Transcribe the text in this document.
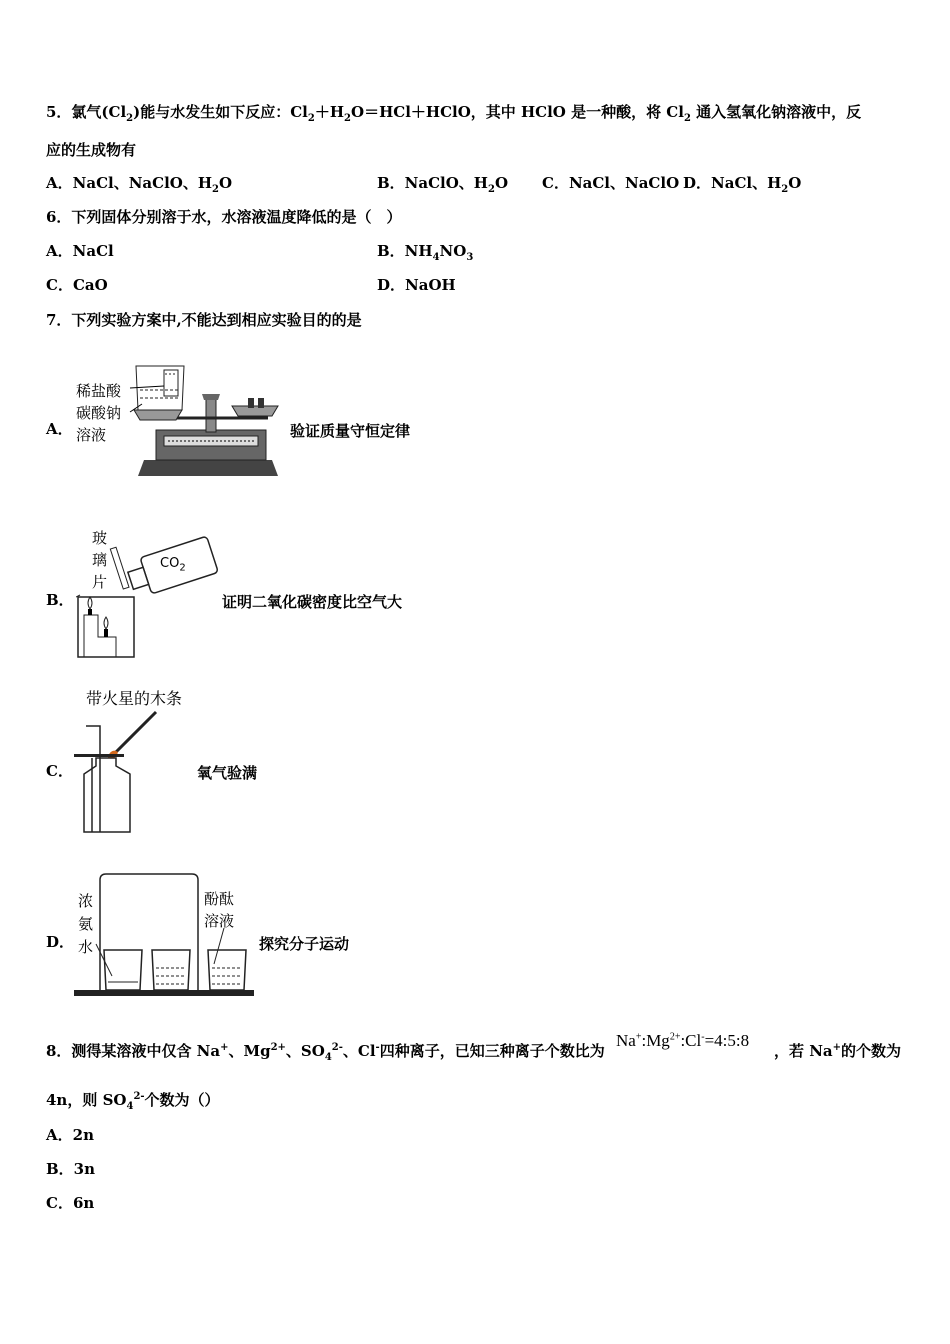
5．氯气$(Cl_2)$能与水发生如下反应：$Cl_2+H_2O=HCl+HClO$，其中 HClO 是一种酸，将 $Cl_2$ 通入氢氧化钠溶液中，反
应的生成物有
A．NaCl、NaClO、$H_2O$	B．NaClO、$H_2O$ C．NaCl、NaClO D．NaCl、$H_2O$
6．下列固体分别溶于水，水溶液温度降低的是（　）
A．NaCl	B．$NH_4NO_3$
C．CaO	D．NaOH
7．下列实验方案中,不能达到相应实验目的的是
A．
稀盐酸
碳酸钠
溶液	验证质量守恒定律
B．
玻
璃
片
$CO_2$
证明二氧化碳密度比空气大
带火星的木条
C．	氧气验满
D．
浓
氨
水
酚酞
溶液
探究分子运动
8．测得某溶液中仅含 Na+、$Mg^{2+}$、$SO_4^{2-}$、Cl-四种离子，已知三种离子个数比为
$Na^+:Mg^{2+}:Cl^-=4:5:8$
，若 Na+的个数为
4n，则 $SO_4^{2-}$个数为（）
A．2n
B．3n
C．6n
